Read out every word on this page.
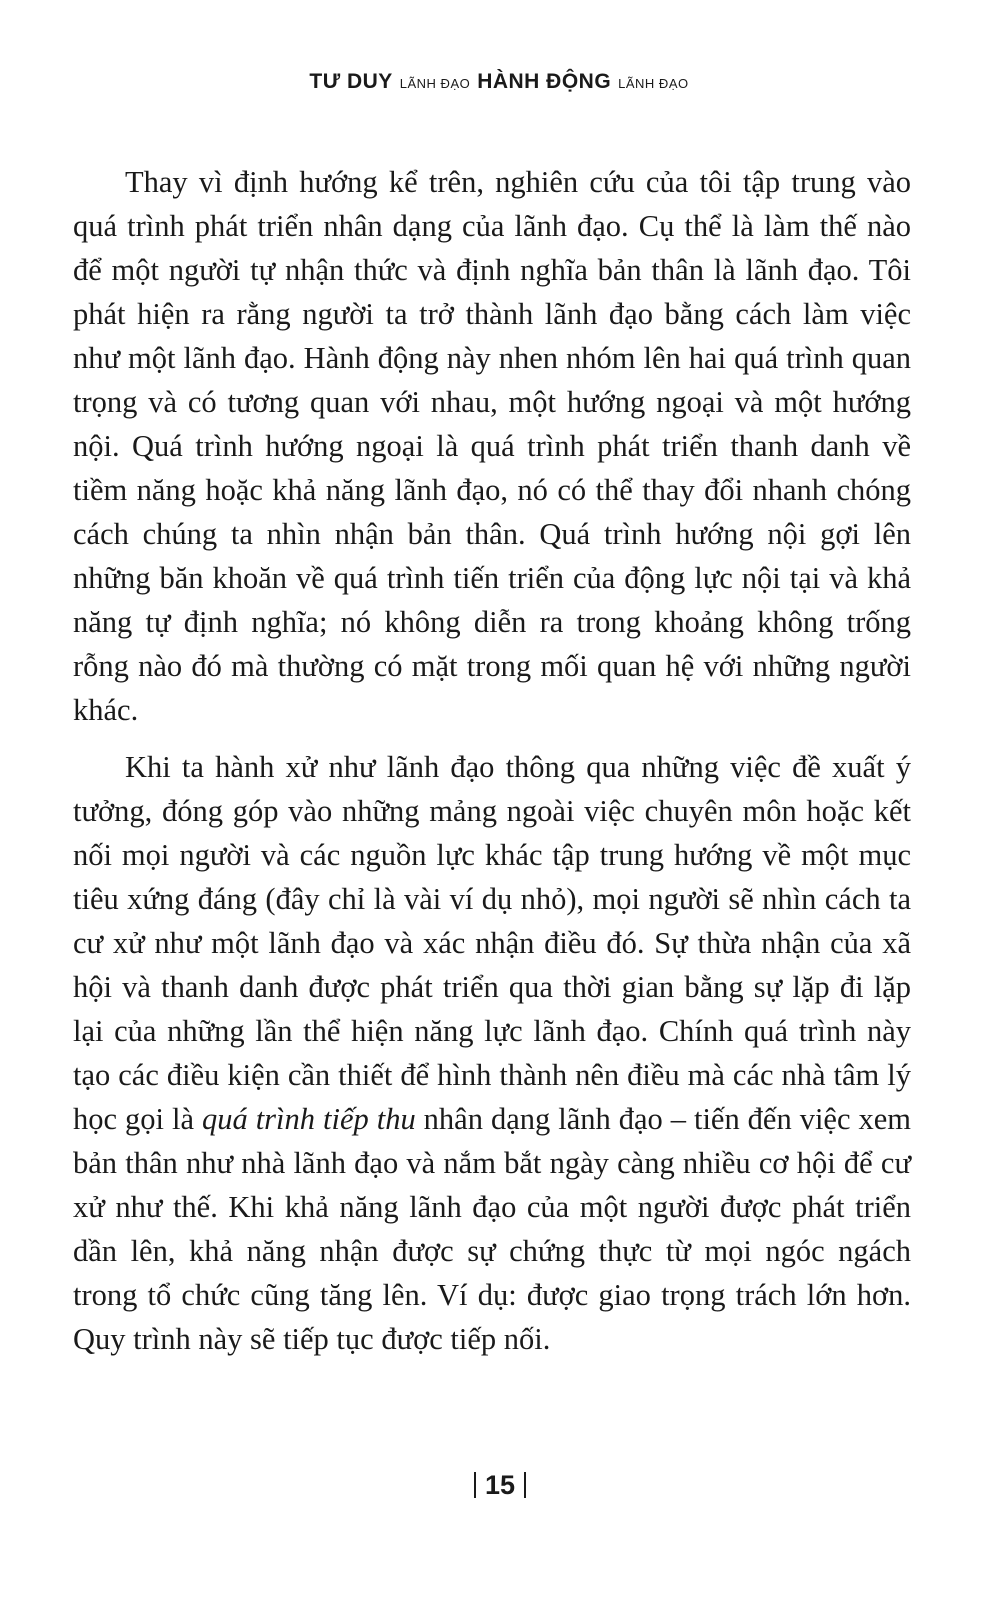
TƯ DUY LÃNH ĐẠO HÀNH ĐỘNG LÃNH ĐẠO

Thay vì định hướng kể trên, nghiên cứu của tôi tập trung vào quá trình phát triển nhân dạng của lãnh đạo. Cụ thể là làm thế nào để một người tự nhận thức và định nghĩa bản thân là lãnh đạo. Tôi phát hiện ra rằng người ta trở thành lãnh đạo bằng cách làm việc như một lãnh đạo. Hành động này nhen nhóm lên hai quá trình quan trọng và có tương quan với nhau, một hướng ngoại và một hướng nội. Quá trình hướng ngoại là quá trình phát triển thanh danh về tiềm năng hoặc khả năng lãnh đạo, nó có thể thay đổi nhanh chóng cách chúng ta nhìn nhận bản thân. Quá trình hướng nội gợi lên những băn khoăn về quá trình tiến triển của động lực nội tại và khả năng tự định nghĩa; nó không diễn ra trong khoảng không trống rỗng nào đó mà thường có mặt trong mối quan hệ với những người khác.

Khi ta hành xử như lãnh đạo thông qua những việc đề xuất ý tưởng, đóng góp vào những mảng ngoài việc chuyên môn hoặc kết nối mọi người và các nguồn lực khác tập trung hướng về một mục tiêu xứng đáng (đây chỉ là vài ví dụ nhỏ), mọi người sẽ nhìn cách ta cư xử như một lãnh đạo và xác nhận điều đó. Sự thừa nhận của xã hội và thanh danh được phát triển qua thời gian bằng sự lặp đi lặp lại của những lần thể hiện năng lực lãnh đạo. Chính quá trình này tạo các điều kiện cần thiết để hình thành nên điều mà các nhà tâm lý học gọi là quá trình tiếp thu nhân dạng lãnh đạo – tiến đến việc xem bản thân như nhà lãnh đạo và nắm bắt ngày càng nhiều cơ hội để cư xử như thế. Khi khả năng lãnh đạo của một người được phát triển dần lên, khả năng nhận được sự chứng thực từ mọi ngóc ngách trong tổ chức cũng tăng lên. Ví dụ: được giao trọng trách lớn hơn. Quy trình này sẽ tiếp tục được tiếp nối.

15
